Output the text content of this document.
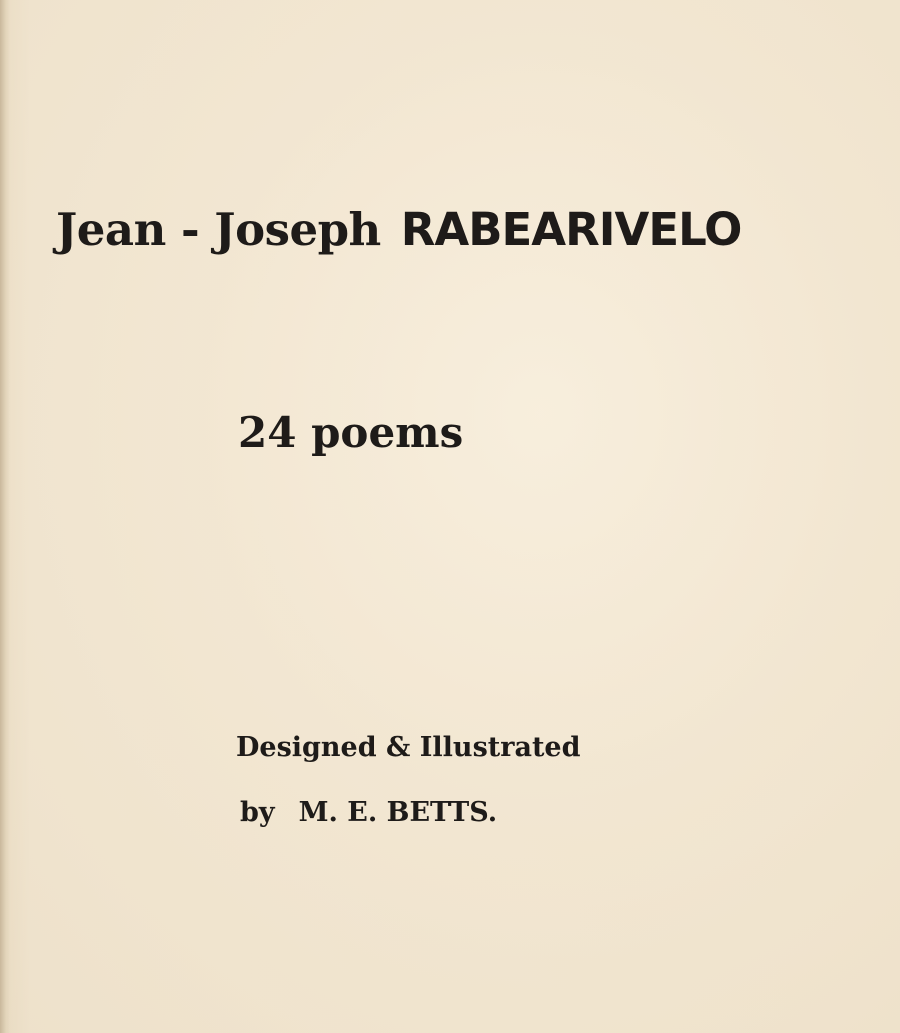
Jean - Joseph RABEARIVELO
24 poems

Designed & Illustrated

by M. E. BETTS.
